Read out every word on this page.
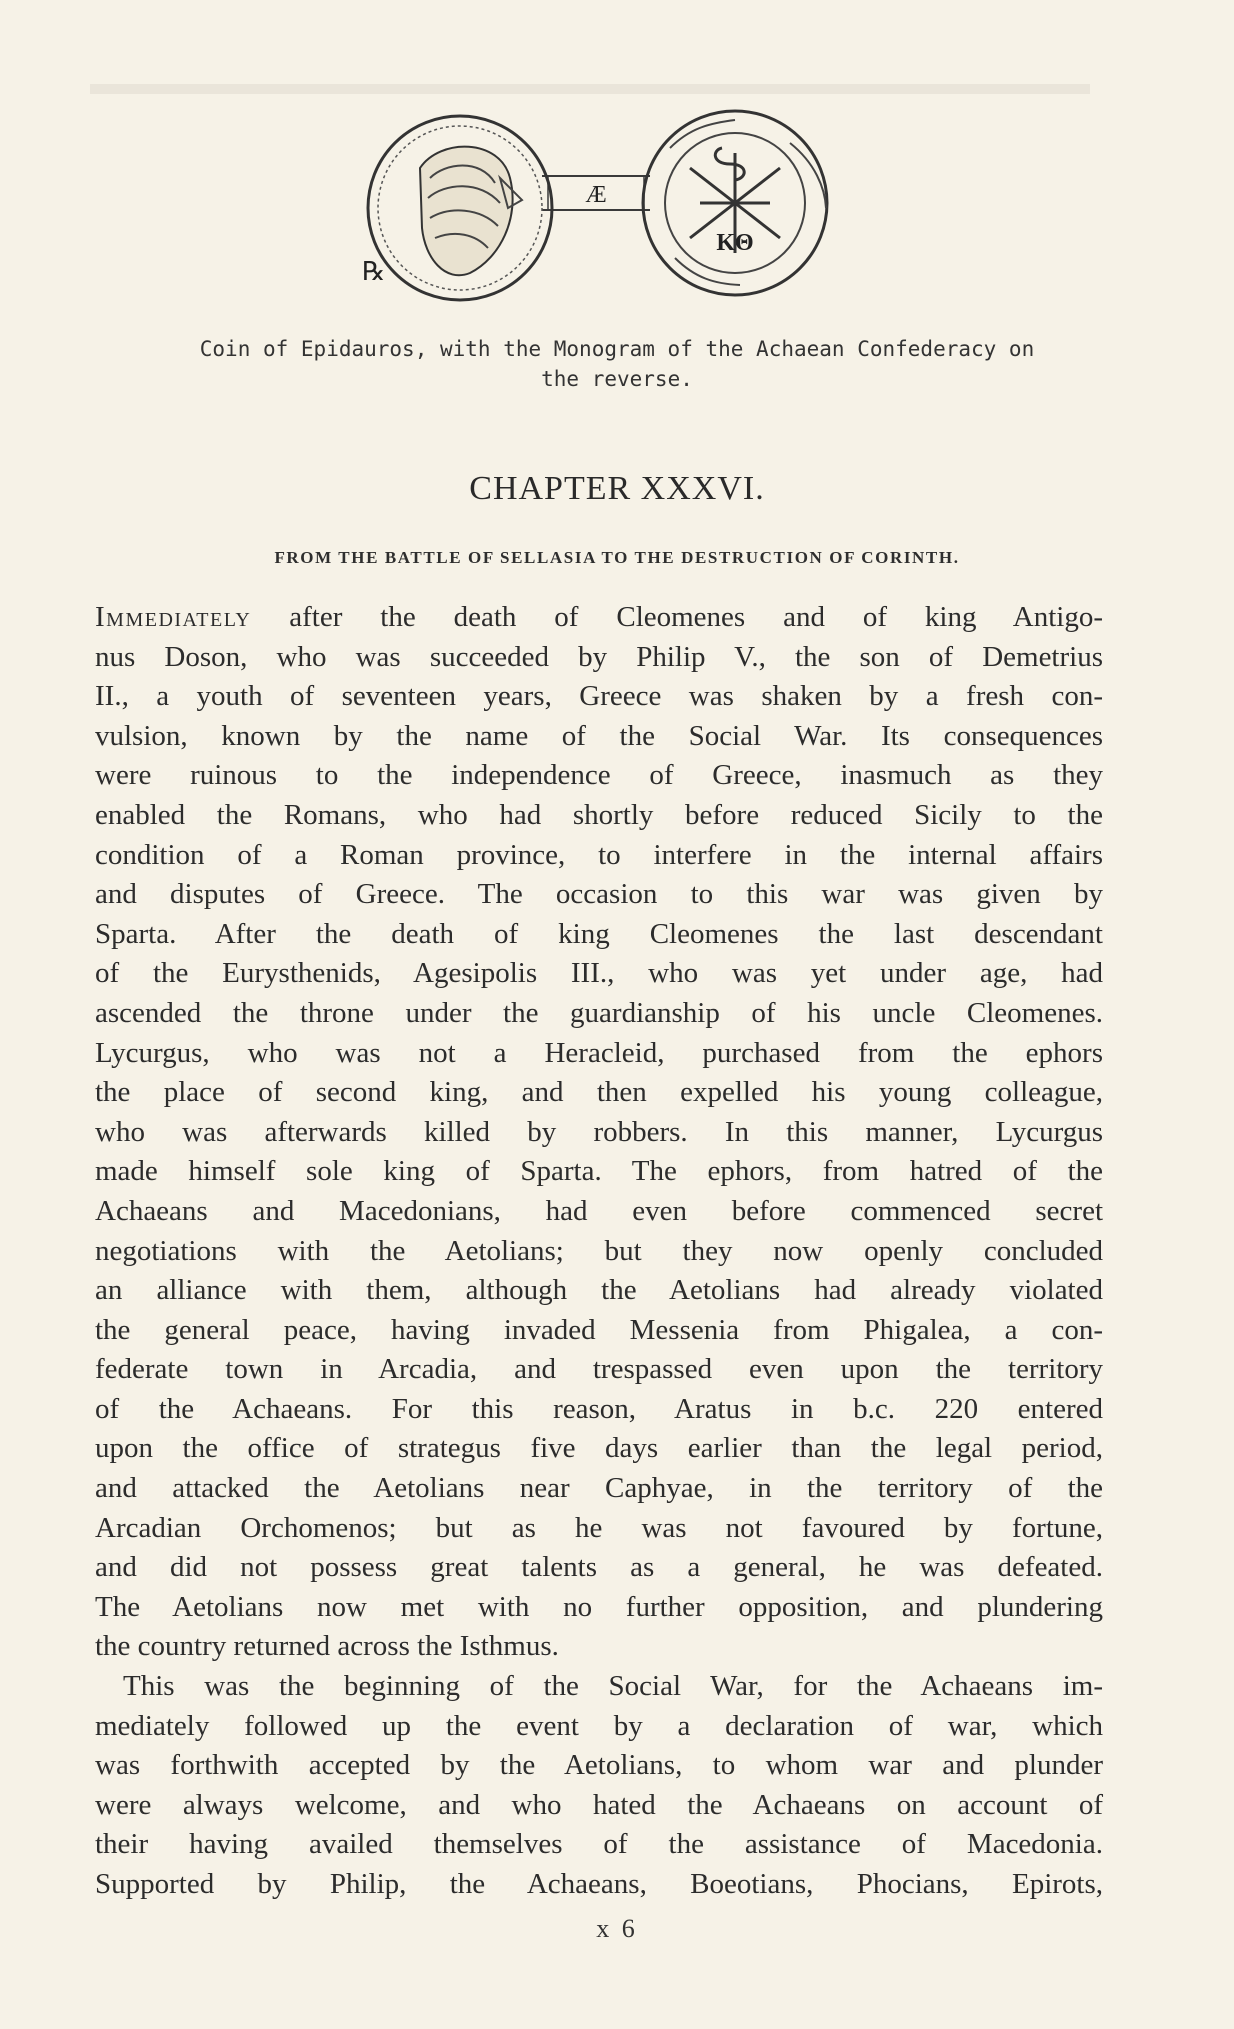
Æ
℞
KΘ
Coin of Epidauros, with the Monogram of the Achaean Confederacy on
the reverse.
CHAPTER XXXVI.
FROM THE BATTLE OF SELLASIA TO THE DESTRUCTION OF CORINTH.
Immediately after the death of Cleomenes and of king Antigo-
nus Doson, who was succeeded by Philip V., the son of Demetrius
II., a youth of seventeen years, Greece was shaken by a fresh con-
vulsion, known by the name of the Social War. Its consequences
were ruinous to the independence of Greece, inasmuch as they
enabled the Romans, who had shortly before reduced Sicily to the
condition of a Roman province, to interfere in the internal affairs
and disputes of Greece. The occasion to this war was given by
Sparta. After the death of king Cleomenes the last descendant
of the Eurysthenids, Agesipolis III., who was yet under age, had
ascended the throne under the guardianship of his uncle Cleomenes.
Lycurgus, who was not a Heracleid, purchased from the ephors
the place of second king, and then expelled his young colleague,
who was afterwards killed by robbers. In this manner, Lycurgus
made himself sole king of Sparta. The ephors, from hatred of the
Achaeans and Macedonians, had even before commenced secret
negotiations with the Aetolians; but they now openly concluded
an alliance with them, although the Aetolians had already violated
the general peace, having invaded Messenia from Phigalea, a con-
federate town in Arcadia, and trespassed even upon the territory
of the Achaeans. For this reason, Aratus in b.c. 220 entered
upon the office of strategus five days earlier than the legal period,
and attacked the Aetolians near Caphyae, in the territory of the
Arcadian Orchomenos; but as he was not favoured by fortune,
and did not possess great talents as a general, he was defeated.
The Aetolians now met with no further opposition, and plundering
the country returned across the Isthmus.
This was the beginning of the Social War, for the Achaeans im-
mediately followed up the event by a declaration of war, which
was forthwith accepted by the Aetolians, to whom war and plunder
were always welcome, and who hated the Achaeans on account of
their having availed themselves of the assistance of Macedonia.
Supported by Philip, the Achaeans, Boeotians, Phocians, Epirots,
x 6
